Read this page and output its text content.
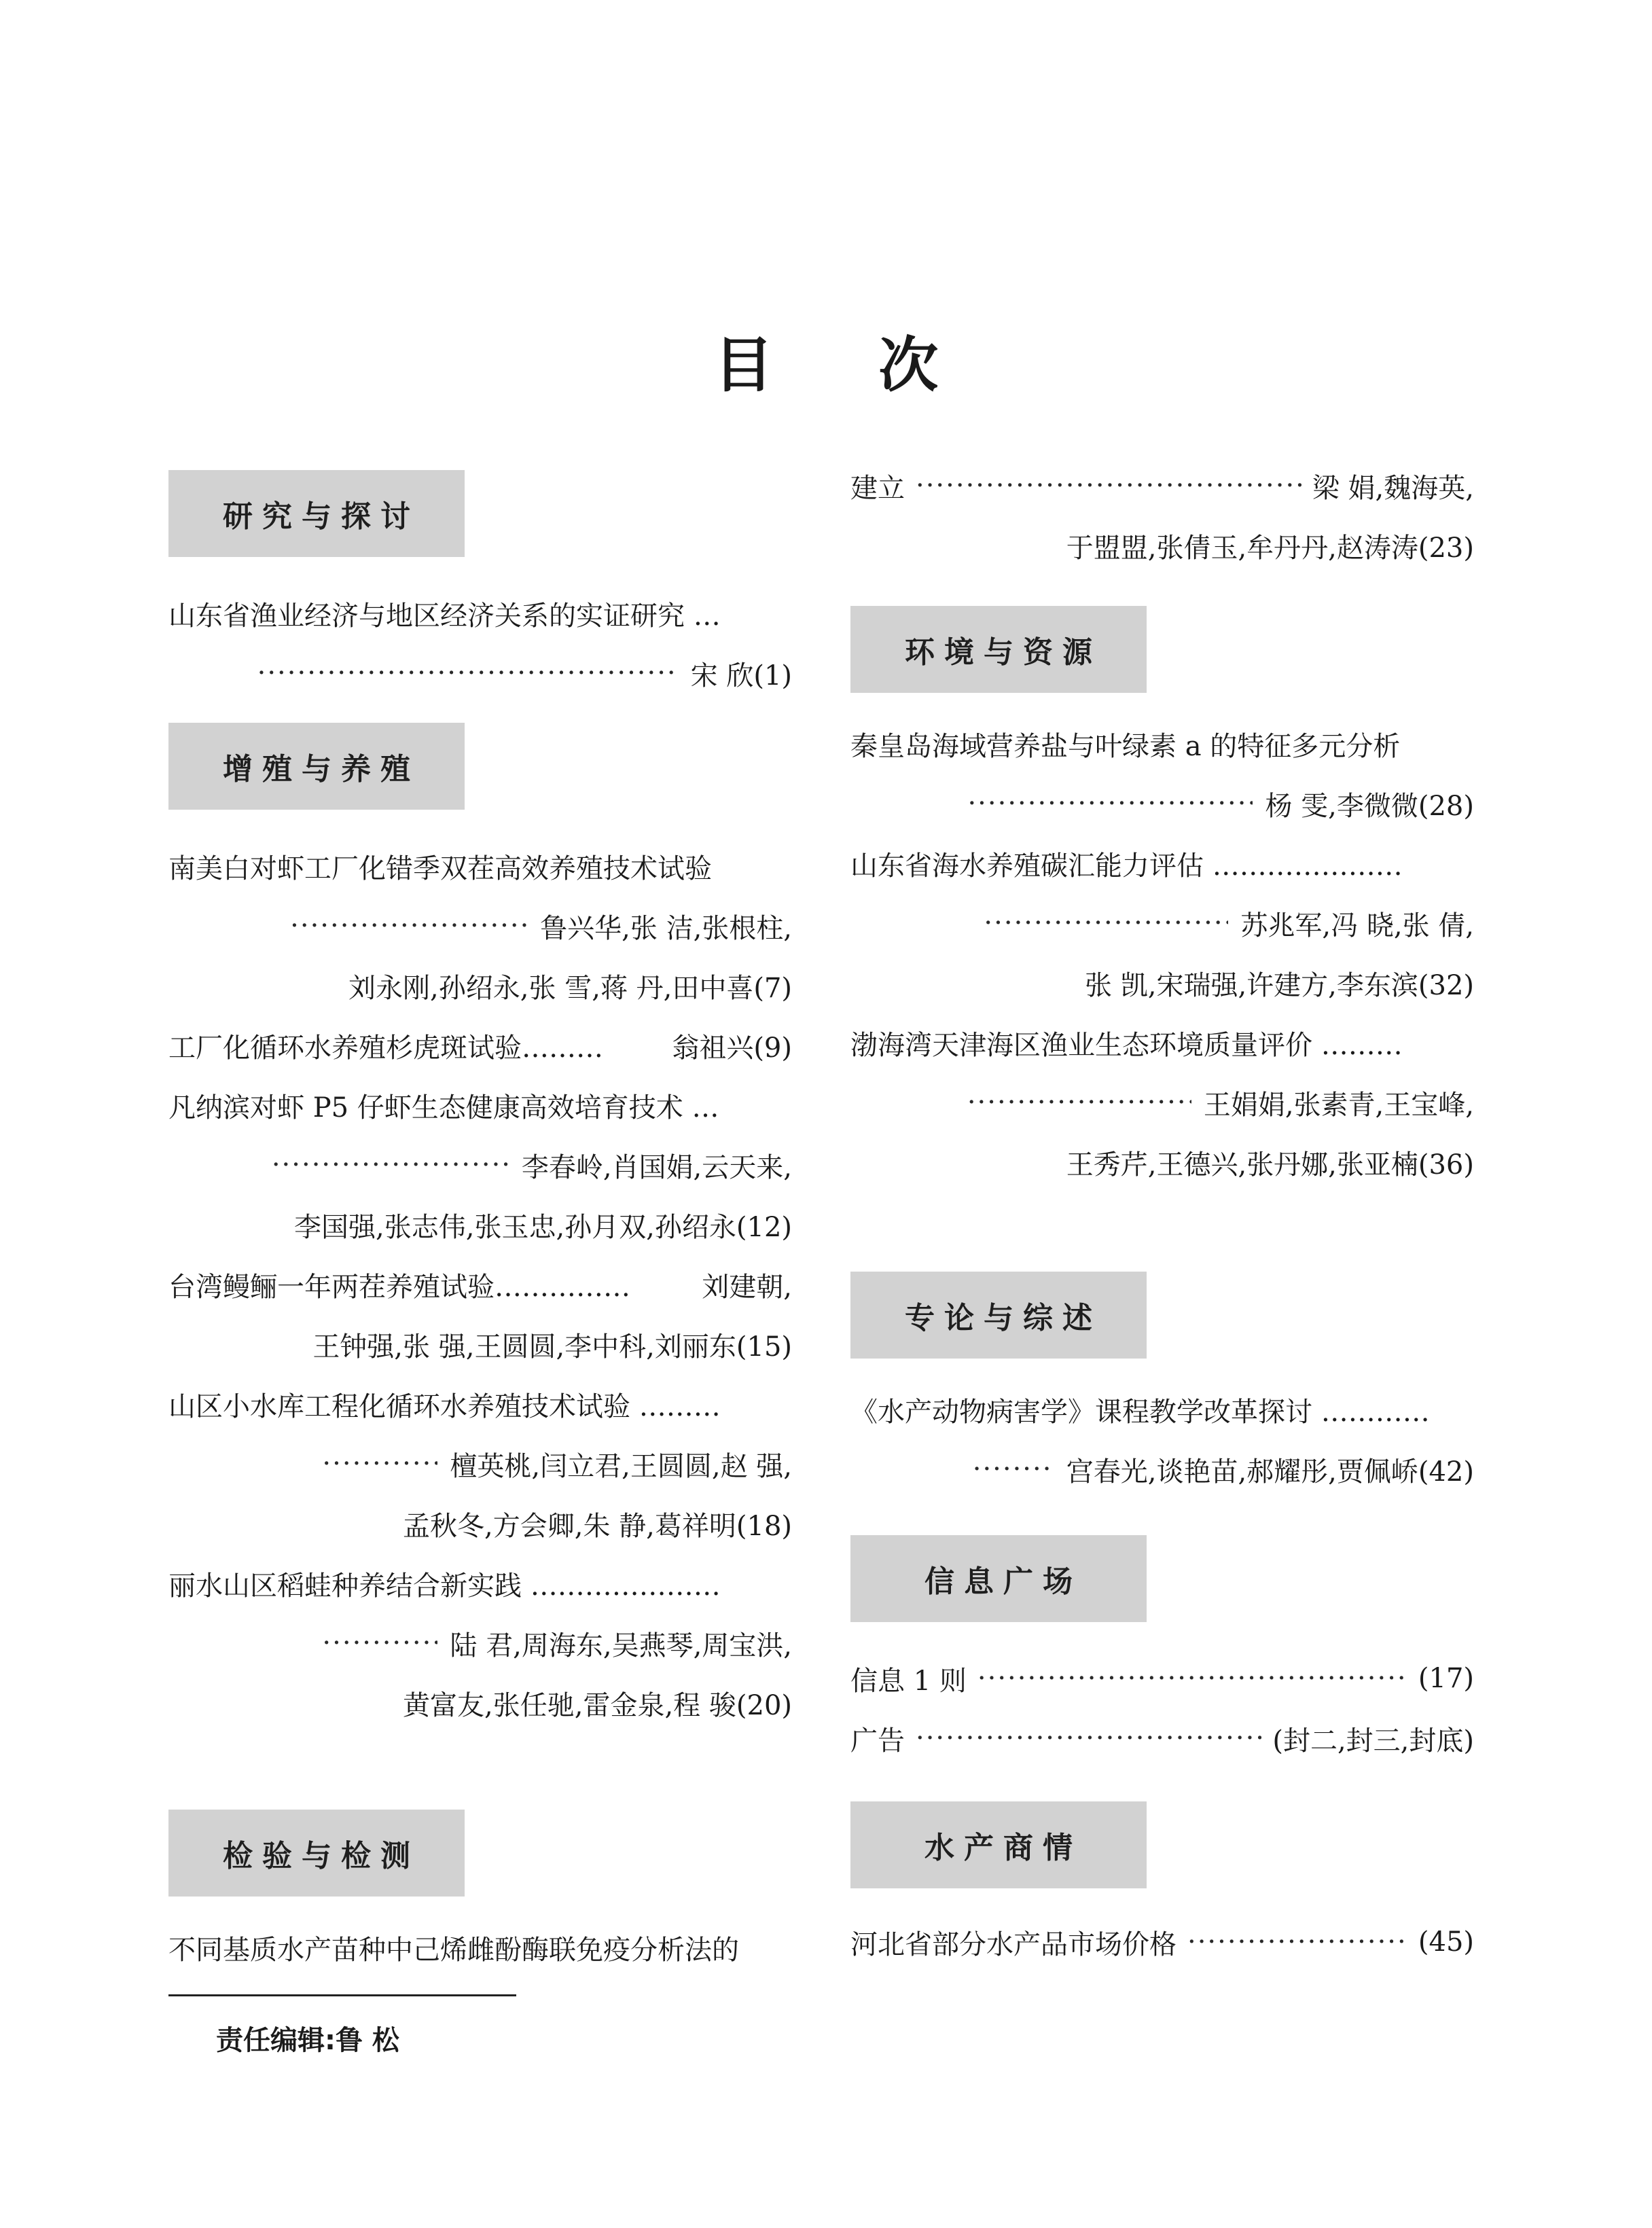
目 次
研究与探讨
山东省渔业经济与地区经济关系的实证研究 …
·····
宋 欣(1)
增殖与养殖
南美白对虾工厂化错季双茬高效养殖技术试验
·····
鲁兴华,张 洁,张根柱,
刘永刚,孙绍永,张 雪,蒋 丹,田中喜(7)
工厂化循环水养殖杉虎斑试验………	翁祖兴(9)
凡纳滨对虾 P5 仔虾生态健康高效培育技术 …
·····
李春岭,肖国娟,云天来,
李国强,张志伟,张玉忠,孙月双,孙绍永(12)
台湾鳗鲡一年两茬养殖试验……………	刘建朝,
王钟强,张 强,王圆圆,李中科,刘丽东(15)
山区小水库工程化循环水养殖技术试验 ………
·····
檀英桃,闫立君,王圆圆,赵 强,
孟秋冬,方会卿,朱 静,葛祥明(18)
丽水山区稻蛙种养结合新实践 …………………
·····
陆 君,周海东,吴燕琴,周宝洪,
黄富友,张任驰,雷金泉,程 骏(20)
检验与检测
不同基质水产苗种中己烯雌酚酶联免疫分析法的
责任编辑:鲁 松
建立 ·····	梁 娟,魏海英,
于盟盟,张倩玉,牟丹丹,赵涛涛(23)
环境与资源
秦皇岛海域营养盐与叶绿素 a 的特征多元分析
·····
杨 雯,李微微(28)
山东省海水养殖碳汇能力评估 …………………
·····
苏兆军,冯 晓,张 倩,
张 凯,宋瑞强,许建方,李东滨(32)
渤海湾天津海区渔业生态环境质量评价 ………
·····
王娟娟,张素青,王宝峰,
王秀芹,王德兴,张丹娜,张亚楠(36)
专论与综述
《水产动物病害学》课程教学改革探讨 …………
·····
宫春光,谈艳苗,郝耀彤,贾佩峤(42)
信息广场
信息 1 则 ·····	(17)
广告 ·····	(封二,封三,封底)
水产商情
河北省部分水产品市场价格 ·····	(45)
